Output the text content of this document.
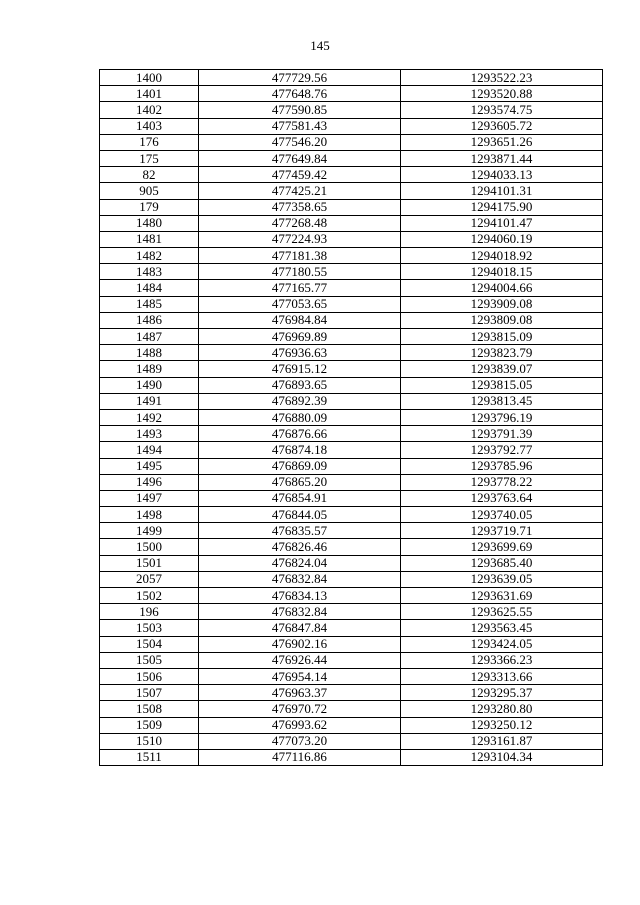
145
1400	477729.56	1293522.23
1401	477648.76	1293520.88
1402	477590.85	1293574.75
1403	477581.43	1293605.72
176	477546.20	1293651.26
175	477649.84	1293871.44
82	477459.42	1294033.13
905	477425.21	1294101.31
179	477358.65	1294175.90
1480	477268.48	1294101.47
1481	477224.93	1294060.19
1482	477181.38	1294018.92
1483	477180.55	1294018.15
1484	477165.77	1294004.66
1485	477053.65	1293909.08
1486	476984.84	1293809.08
1487	476969.89	1293815.09
1488	476936.63	1293823.79
1489	476915.12	1293839.07
1490	476893.65	1293815.05
1491	476892.39	1293813.45
1492	476880.09	1293796.19
1493	476876.66	1293791.39
1494	476874.18	1293792.77
1495	476869.09	1293785.96
1496	476865.20	1293778.22
1497	476854.91	1293763.64
1498	476844.05	1293740.05
1499	476835.57	1293719.71
1500	476826.46	1293699.69
1501	476824.04	1293685.40
2057	476832.84	1293639.05
1502	476834.13	1293631.69
196	476832.84	1293625.55
1503	476847.84	1293563.45
1504	476902.16	1293424.05
1505	476926.44	1293366.23
1506	476954.14	1293313.66
1507	476963.37	1293295.37
1508	476970.72	1293280.80
1509	476993.62	1293250.12
1510	477073.20	1293161.87
1511	477116.86	1293104.34
